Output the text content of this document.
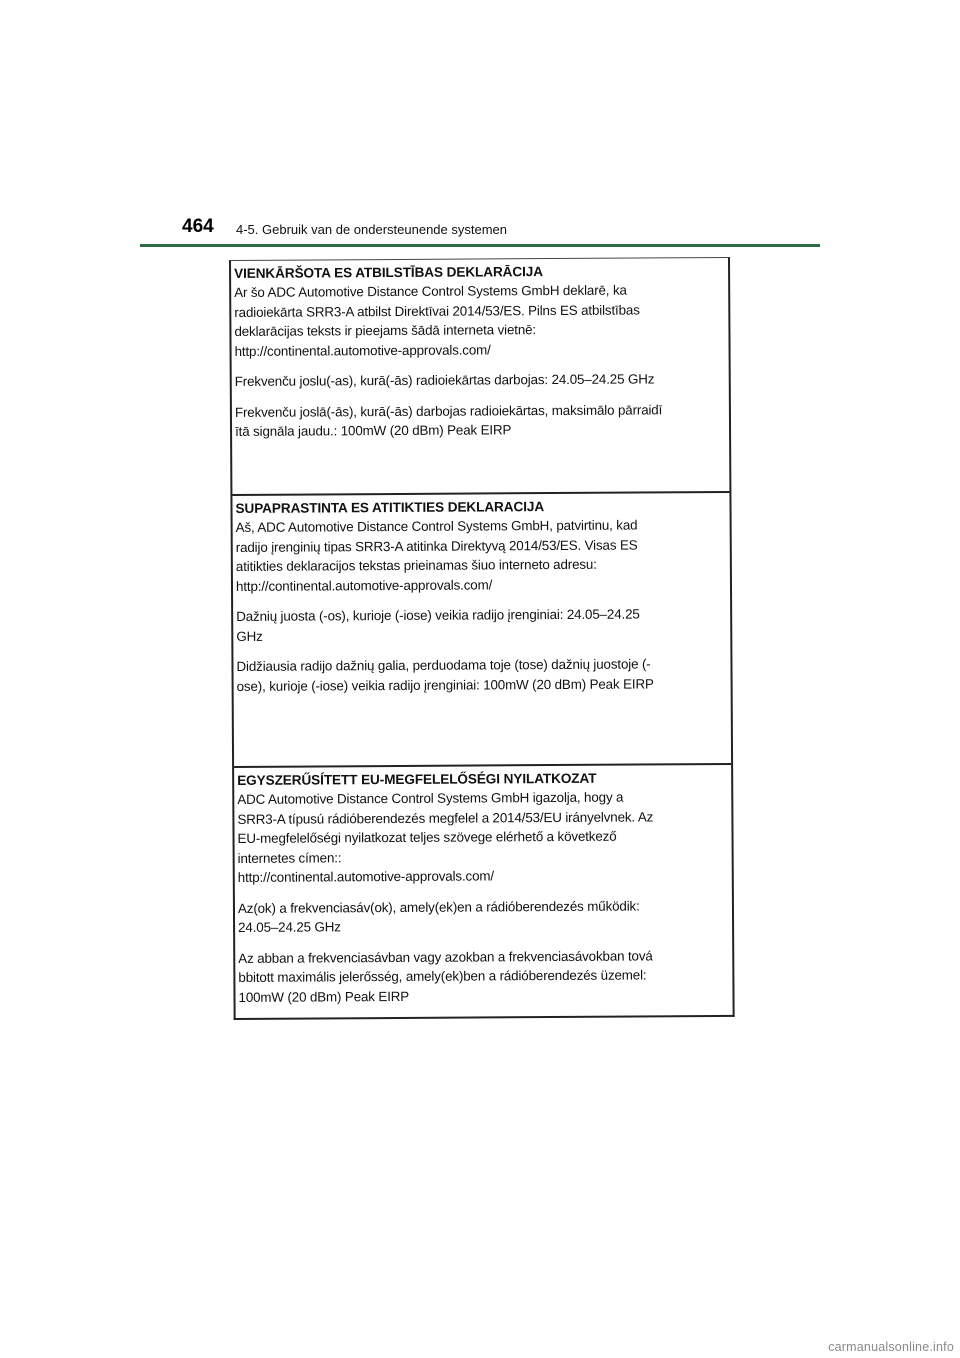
464 4-5. Gebruik van de ondersteunende systemen
VIENKĀRŠOTA ES ATBILSTĪBAS DEKLARĀCIJA
Ar šo ADC Automotive Distance Control Systems GmbH deklarē, ka
radioiekārta SRR3-A atbilst Direktīvai 2014/53/ES. Pilns ES atbilstības
deklarācijas teksts ir pieejams šādā interneta vietnē:
http://continental.automotive-approvals.com/
Frekvenču joslu(-as), kurā(-ās) radioiekārtas darbojas: 24.05–24.25 GHz
Frekvenču joslā(-ās), kurā(-ās) darbojas radioiekārtas, maksimālo pārraidī
ītā signāla jaudu.: 100mW (20 dBm) Peak EIRP
SUPAPRASTINTA ES ATITIKTIES DEKLARACIJA
Aš, ADC Automotive Distance Control Systems GmbH, patvirtinu, kad
radijo įrenginių tipas SRR3-A atitinka Direktyvą 2014/53/ES. Visas ES
atitikties deklaracijos tekstas prieinamas šiuo interneto adresu:
http://continental.automotive-approvals.com/
Dažnių juosta (-os), kurioje (-iose) veikia radijo įrenginiai: 24.05–24.25
GHz
Didžiausia radijo dažnių galia, perduodama toje (tose) dažnių juostoje (-
ose), kurioje (-iose) veikia radijo įrenginiai: 100mW (20 dBm) Peak EIRP
EGYSZERŰSÍTETT EU-MEGFELELŐSÉGI NYILATKOZAT
ADC Automotive Distance Control Systems GmbH igazolja, hogy a
SRR3-A típusú rádióberendezés megfelel a 2014/53/EU irányelvnek. Az
EU-megfelelőségi nyilatkozat teljes szövege elérhető a következő
internetes címen::
http://continental.automotive-approvals.com/
Az(ok) a frekvenciasáv(ok), amely(ek)en a rádióberendezés működik:
24.05–24.25 GHz
Az abban a frekvenciasávban vagy azokban a frekvenciasávokban tová
bbitott maximális jelerősség, amely(ek)ben a rádióberendezés üzemel:
100mW (20 dBm) Peak EIRP
carmanualsonline.info
